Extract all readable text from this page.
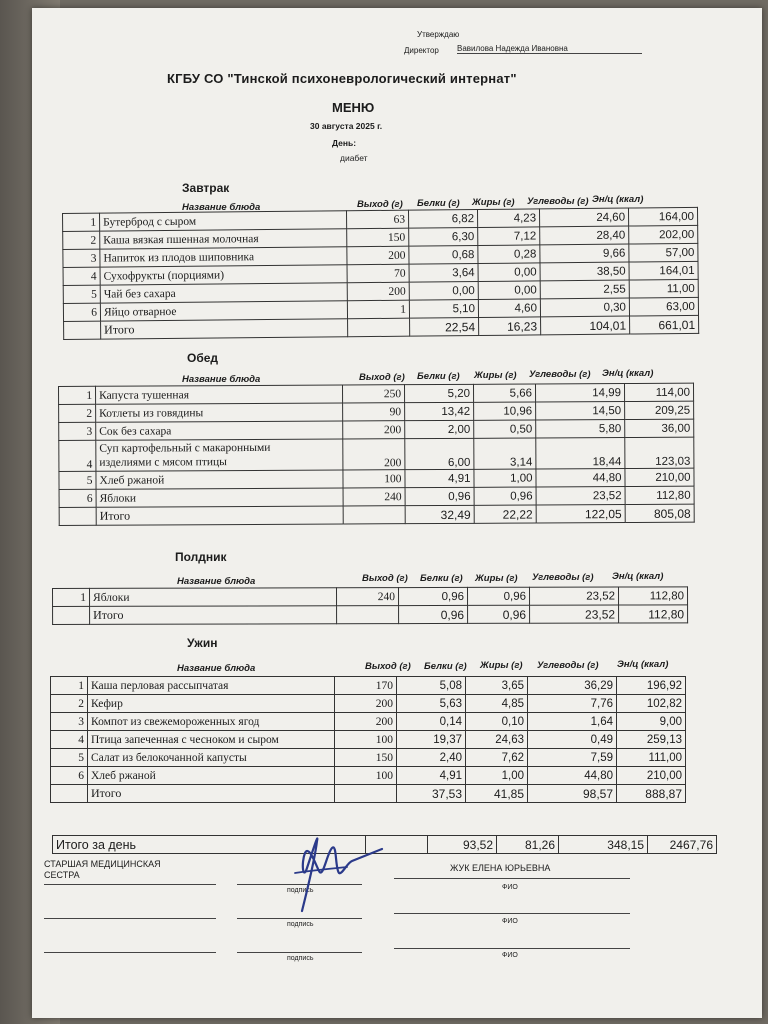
Утверждаю
Директор Вавилова Надежда Ивановна
КГБУ СО "Тинской психоневрологический интернат"
МЕНЮ
30 августа 2025 г.
День:
диабет
Завтрак
Название блюда	Выход (г) Белки (г) Жиры (г) Углеводы (г) Эн/ц (ккал)
1	Бутерброд с сыром	63	6,82	4,23	24,60	164,00
2	Каша вязкая пшенная молочная	150	6,30	7,12	28,40	202,00
3	Напиток из плодов шиповника	200	0,68	0,28	9,66	57,00
4	Сухофрукты (порциями)	70	3,64	0,00	38,50	164,01
5	Чай без сахара	200	0,00	0,00	2,55	11,00
6	Яйцо отварное	1	5,10	4,60	0,30	63,00
	Итого		22,54	16,23	104,01	661,01
Обед
Название блюда	Выход (г) Белки (г) Жиры (г) Углеводы (г) Эн/ц (ккал)
1	Капуста тушенная	250	5,20	5,66	14,99	114,00
2	Котлеты из говядины	90	13,42	10,96	14,50	209,25
3	Сок без сахара	200	2,00	0,50	5,80	36,00
4	Суп картофельный с макаронными
изделиями с мясом птицы	200	6,00	3,14	18,44	123,03
5	Хлеб ржаной	100	4,91	1,00	44,80	210,00
6	Яблоки	240	0,96	0,96	23,52	112,80
	Итого		32,49	22,22	122,05	805,08
Полдник
Название блюда	Выход (г) Белки (г) Жиры (г) Углеводы (г) Эн/ц (ккал)
1	Яблоки	240	0,96	0,96	23,52	112,80
	Итого		0,96	0,96	23,52	112,80
Ужин
Название блюда	Выход (г) Белки (г) Жиры (г) Углеводы (г) Эн/ц (ккал)
1	Каша перловая рассыпчатая	170	5,08	3,65	36,29	196,92
2	Кефир	200	5,63	4,85	7,76	102,82
3	Компот из свежемороженных ягод	200	0,14	0,10	1,64	9,00
4	Птица запеченная с чесноком и сыром	100	19,37	24,63	0,49	259,13
5	Салат из белокочанной капусты	150	2,40	7,62	7,59	111,00
6	Хлеб ржаной	100	4,91	1,00	44,80	210,00
	Итого		37,53	41,85	98,57	888,87
Итого за день		93,52	81,26	348,15	2467,76
СТАРШАЯ МЕДИЦИНСКАЯ
СЕСТРА
ЖУК ЕЛЕНА ЮРЬЕВНА
подпись	ФИО
подпись	ФИО
подпись	ФИО
